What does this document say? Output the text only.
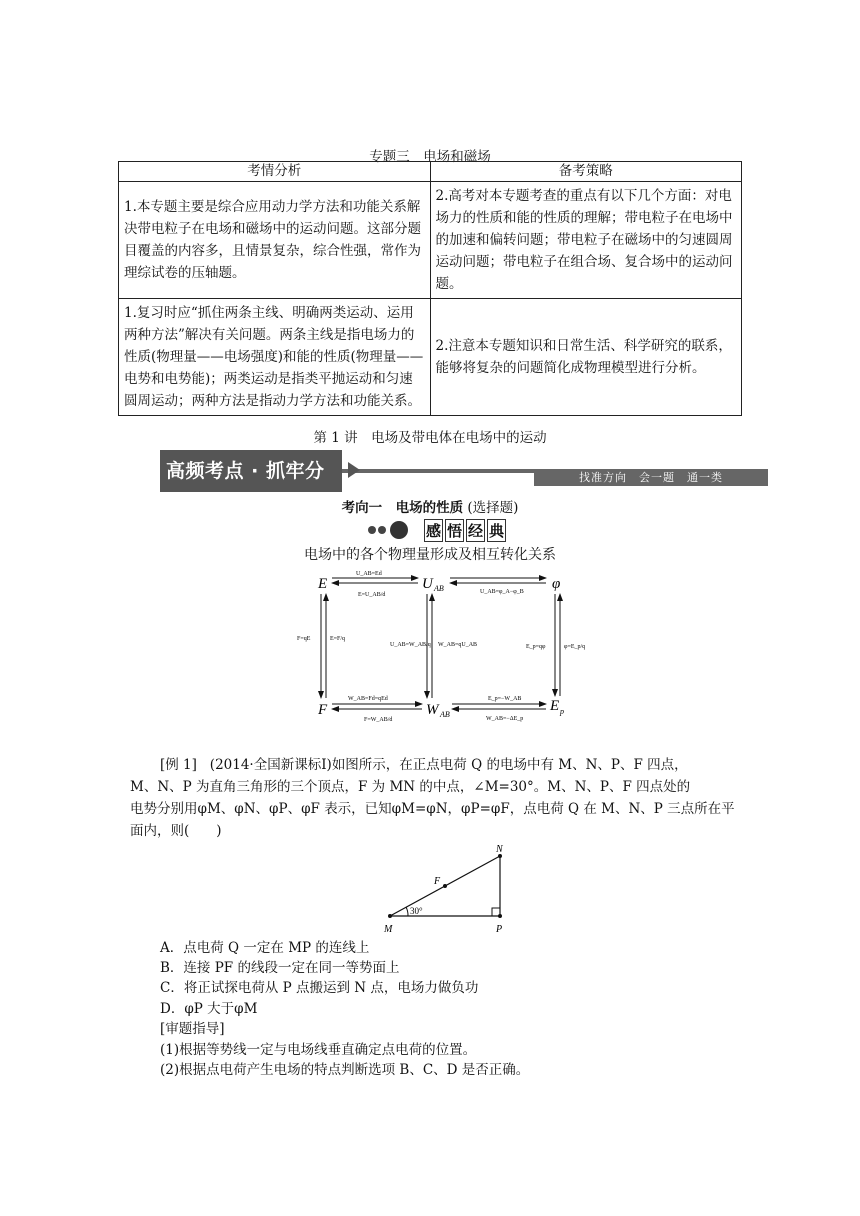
专题三　电场和磁场
考情分析	备考策略
1.本专题主要是综合应用动力学方法和功能关系解决带电粒子在电场和磁场中的运动问题。这部分题目覆盖的内容多，且情景复杂，综合性强，常作为理综试卷的压轴题。	2.高考对本专题考查的重点有以下几个方面：对电场力的性质和能的性质的理解；带电粒子在电场中的加速和偏转问题；带电粒子在磁场中的匀速圆周运动问题；带电粒子在组合场、复合场中的运动问题。
1.复习时应“抓住两条主线、明确两类运动、运用两种方法”解决有关问题。两条主线是指电场力的性质(物理量——电场强度)和能的性质(物理量——电势和电势能)；两类运动是指类平抛运动和匀速圆周运动；两种方法是指动力学方法和功能关系。	2.注意本专题知识和日常生活、科学研究的联系，能够将复杂的问题简化成物理模型进行分析。
第 1 讲　电场及带电体在电场中的运动
高频考点 · 抓牢分	找准方向　会一题　通一类
考向一　电场的性质 (选择题)
感 悟 经 典
电场中的各个物理量形成及相互转化关系
E	U AB	φ
F	W AB
E p
U_AB=Ed
E=U_AB/d	U_AB=φ_A−φ_B
F=qE	E=F/q
U_AB=W_AB/q W_AB=qU_AB	E_p=qφ	φ=E_p/q
W_AB=Fd=qEd
F=W_AB/d
E_p=−W_AB
W_AB=−ΔE_p
[例 1] (2014·全国新课标Ⅰ)如图所示，在正点电荷 Q 的电场中有 M、N、P、F 四点，
M、N、P 为直角三角形的三个顶点，F 为 MN 的中点，∠M=30°。M、N、P、F 四点处的
电势分别用φM、φN、φP、φF 表示，已知φM=φN，φP=φF，点电荷 Q 在 M、N、P 三点所在平
面内，则(　　)
M	P
N
F
30°
A．点电荷 Q 一定在 MP 的连线上
B．连接 PF 的线段一定在同一等势面上
C．将正试探电荷从 P 点搬运到 N 点，电场力做负功
D．φP 大于φM
[审题指导]
(1)根据等势线一定与电场线垂直确定点电荷的位置。
(2)根据点电荷产生电场的特点判断选项 B、C、D 是否正确。
